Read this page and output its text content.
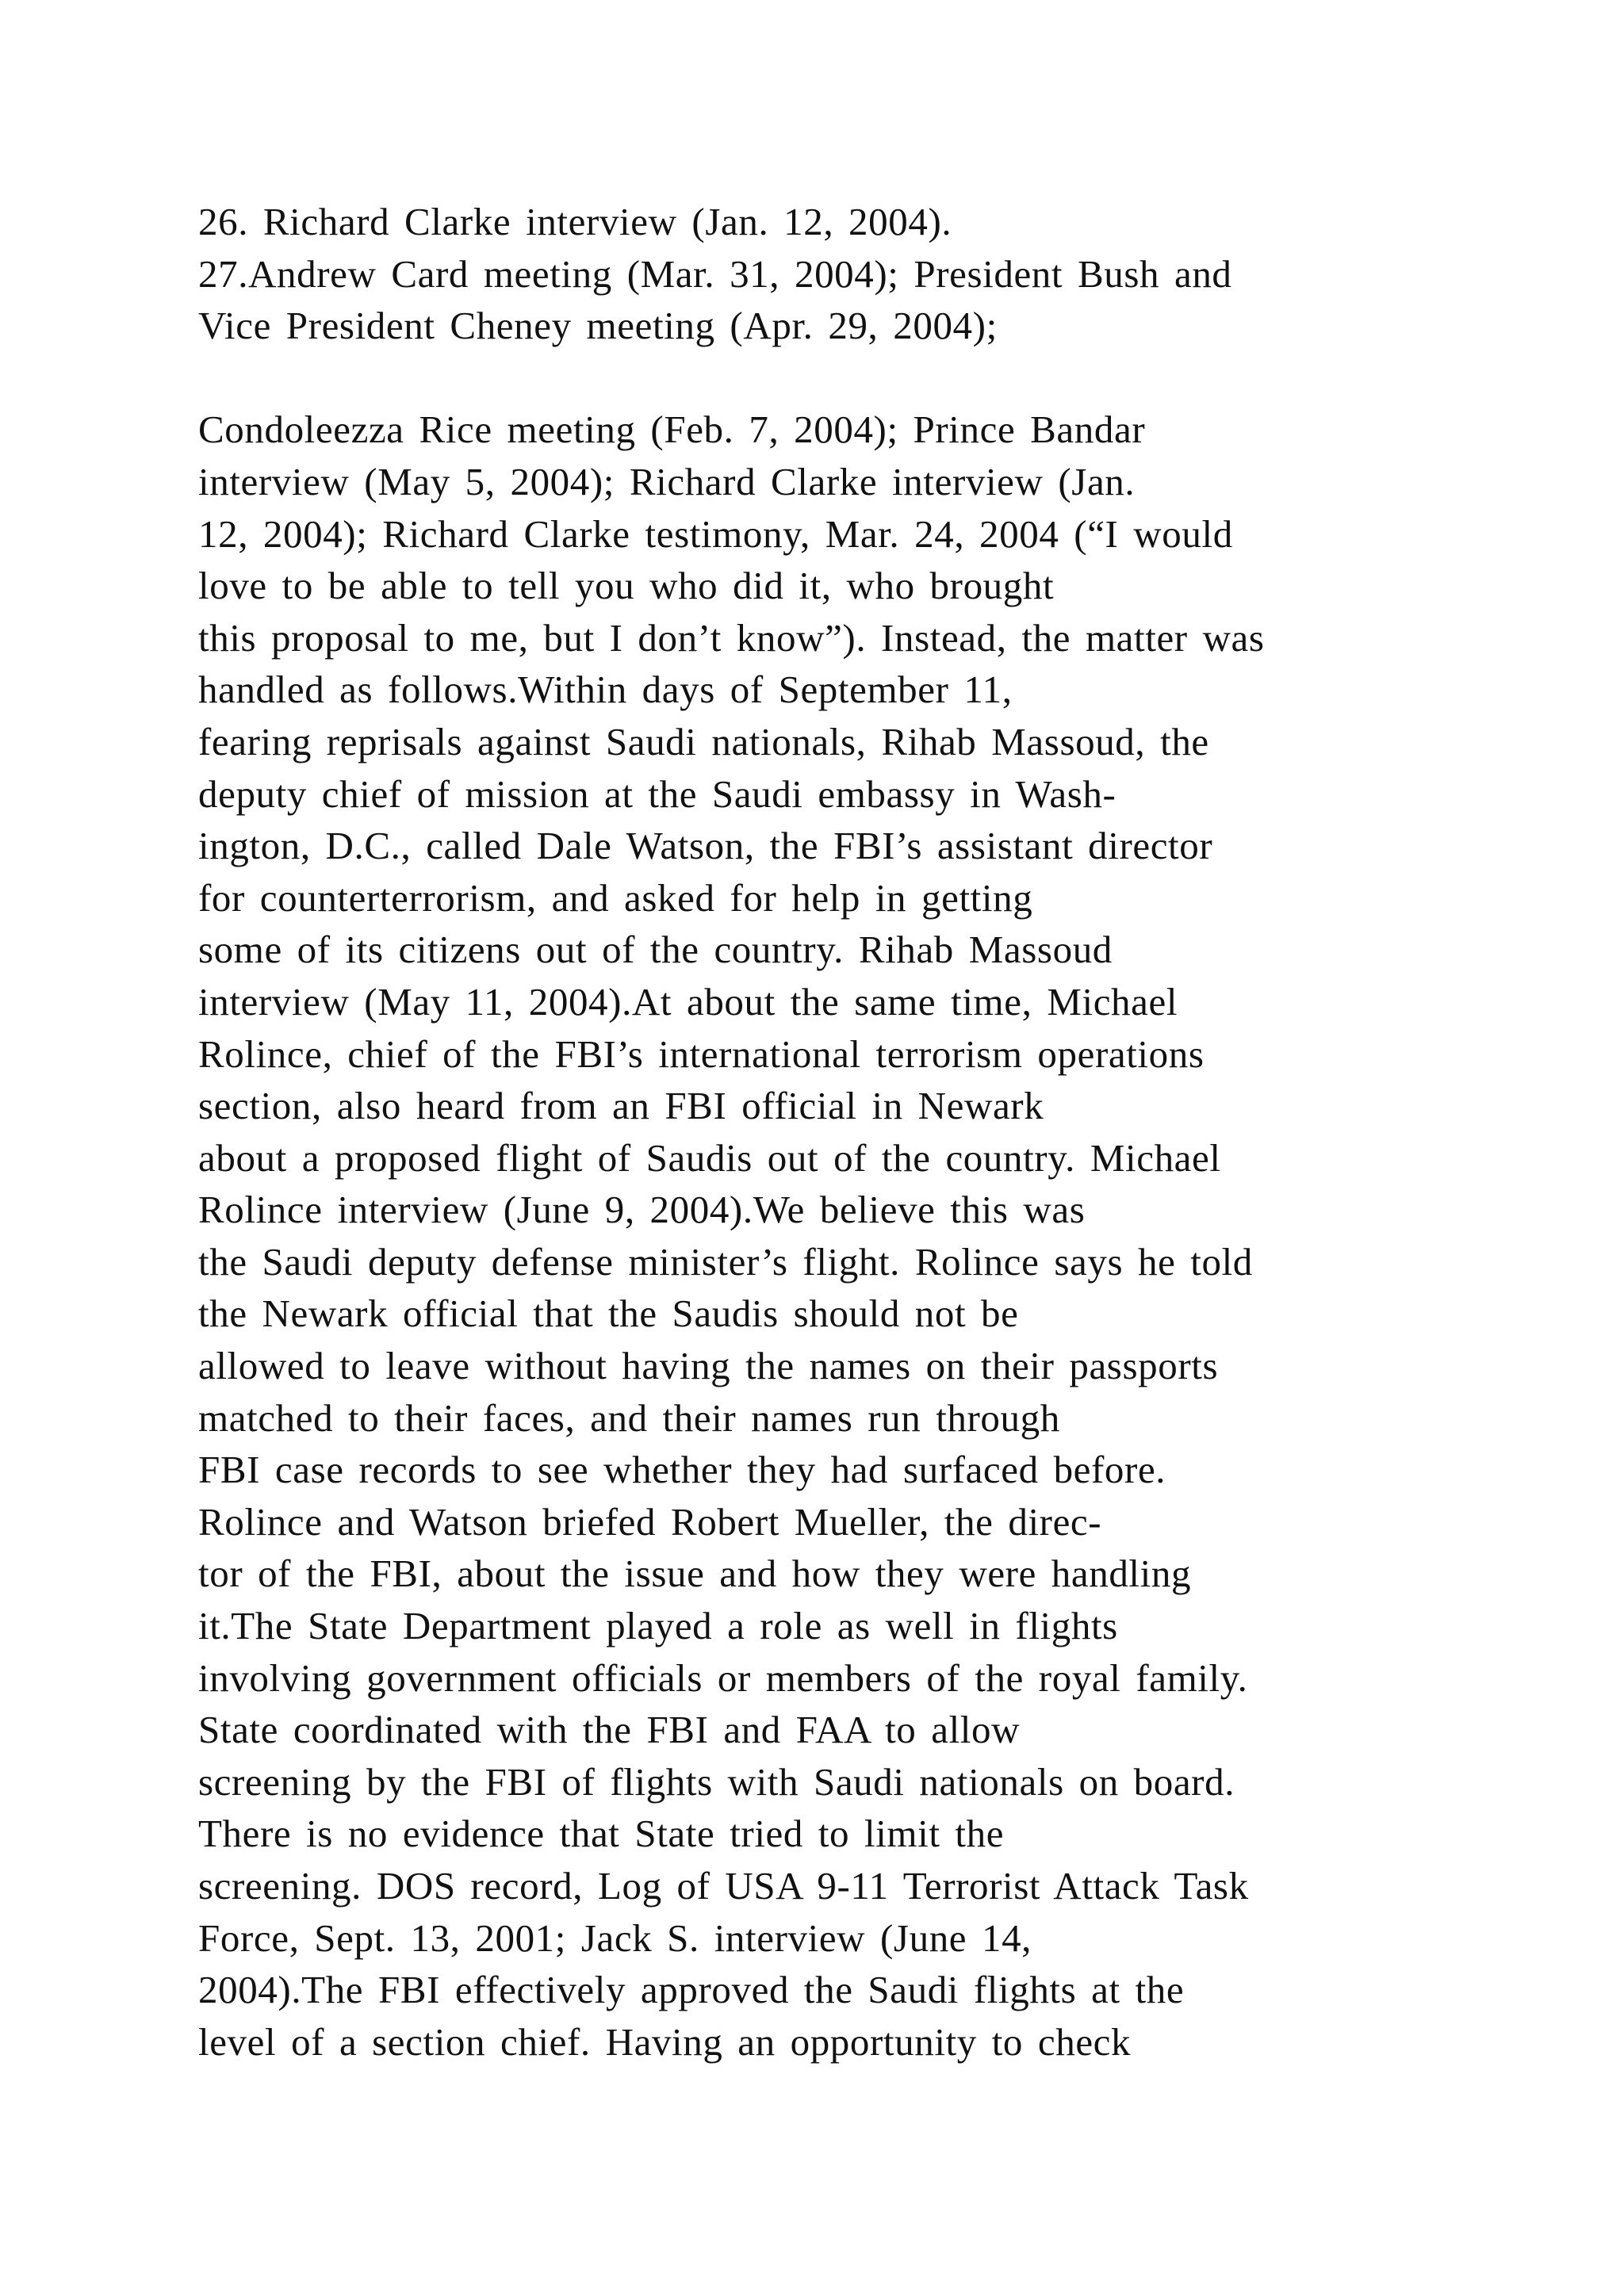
26. Richard Clarke interview (Jan. 12, 2004).
27.Andrew Card meeting (Mar. 31, 2004); President Bush and
Vice President Cheney meeting (Apr. 29, 2004);
Condoleezza Rice meeting (Feb. 7, 2004); Prince Bandar
interview (May 5, 2004); Richard Clarke interview (Jan.
12, 2004); Richard Clarke testimony, Mar. 24, 2004 (“I would
love to be able to tell you who did it, who brought
this proposal to me, but I don’t know”). Instead, the matter was
handled as follows.Within days of September 11,
fearing reprisals against Saudi nationals, Rihab Massoud, the
deputy chief of mission at the Saudi embassy in Wash-
ington, D.C., called Dale Watson, the FBI’s assistant director
for counterterrorism, and asked for help in getting
some of its citizens out of the country. Rihab Massoud
interview (May 11, 2004).At about the same time, Michael
Rolince, chief of the FBI’s international terrorism operations
section, also heard from an FBI official in Newark
about a proposed flight of Saudis out of the country. Michael
Rolince interview (June 9, 2004).We believe this was
the Saudi deputy defense minister’s flight. Rolince says he told
the Newark official that the Saudis should not be
allowed to leave without having the names on their passports
matched to their faces, and their names run through
FBI case records to see whether they had surfaced before.
Rolince and Watson briefed Robert Mueller, the direc-
tor of the FBI, about the issue and how they were handling
it.The State Department played a role as well in flights
involving government officials or members of the royal family.
State coordinated with the FBI and FAA to allow
screening by the FBI of flights with Saudi nationals on board.
There is no evidence that State tried to limit the
screening. DOS record, Log of USA 9-11 Terrorist Attack Task
Force, Sept. 13, 2001; Jack S. interview (June 14,
2004).The FBI effectively approved the Saudi flights at the
level of a section chief. Having an opportunity to check
